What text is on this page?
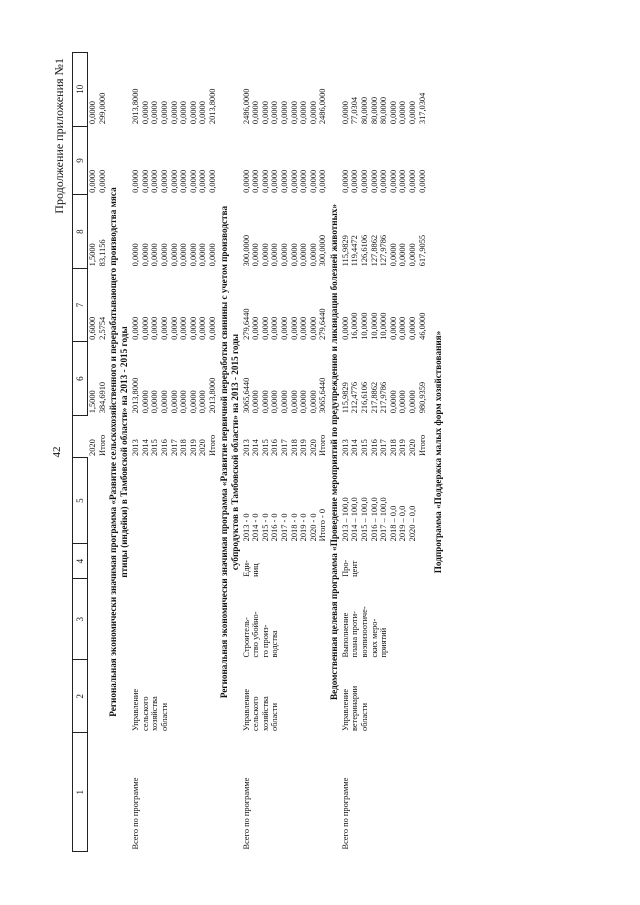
42
Продолжение приложения №1
1	2	3	4	5		6	7	8	9	10
					2020	1,5000	0,6000	1,5000	0,0000	0,0000
					Итого	384,6910	2,5754	83,1156	0,0000	299,0000

Региональная экономически значимая программа «Развитие сельскохозяйственного и перерабатывающего производства мяса птицы (индейки) в Тамбовской области» на 2013 - 2015 годы										

Всего по программе	Управление				2013	2013,8000	0,0000	0,0000	0,0000	2013,8000
	сельского				2014	0,0000	0,0000	0,0000	0,0000	0,0000
	хозяйства				2015	0,0000	0,0000	0,0000	0,0000	0,0000
	области				2016	0,0000	0,0000	0,0000	0,0000	0,0000
					2017	0,0000	0,0000	0,0000	0,0000	0,0000
					2018	0,0000	0,0000	0,0000	0,0000	0,0000
					2019	0,0000	0,0000	0,0000	0,0000	0,0000
					2020	0,0000	0,0000	0,0000	0,0000	0,0000
					Итого	2013,8000	0,0000	0,0000	0,0000	2013,8000

Региональная экономически значимая программа «Развитие первичной переработки свинины с учетом производства субпродуктов в Тамбовской области» на 2013 - 2015 годы										

Всего по программе	Управление	Строитель-	Еди-	2013 - 0	2013	3065,6440	279,6440	300,0000	0,0000	2486,0000
	сельского	ство убойно-	ниц	2014 - 0	2014	0,0000	0,0000	0,0000	0,0000	0,0000
	хозяйства	го произ-		2015 - 0	2015	0,0000	0,0000	0,0000	0,0000	0,0000
	области	водства		2016 - 0	2016	0,0000	0,0000	0,0000	0,0000	0,0000
				2017 - 0	2017	0,0000	0,0000	0,0000	0,0000	0,0000
				2018 - 0	2018	0,0000	0,0000	0,0000	0,0000	0,0000
				2019 - 0	2019	0,0000	0,0000	0,0000	0,0000	0,0000
				2020 - 0	2020	0,0000	0,0000	0,0000	0,0000	0,0000
				Итого - 0	Итого	3065,6440	279,6440	300,0000	0,0000	2486,0000

Ведомственная целевая программа «Проведение мероприятий по предупреждению и ликвидации болезней животных»										

Всего по программе	Управление	Выполнение	Про-	2013 – 100,0	2013	115,9829	0,0000	115,9829	0,0000	0,0000
	ветеринарии	плана проти-	цент	2014 – 100,0	2014	212,4776	16,0000	119,4472	0,0000	77,0304
	области	воэпизоотиче-		2015 – 100,0	2015	216,6106	10,0000	126,6106	0,0000	80,0000
		ских меро-		2016 – 100,0	2016	217,8862	10,0000	127,8862	0,0000	80,0000
		приятий		2017 – 100,0	2017	217,9786	10,0000	127,9786	0,0000	80,0000
				2018 – 0,0	2018	0,0000	0,0000	0,0000	0,0000	0,0000
				2019 – 0,0	2019	0,0000	0,0000	0,0000	0,0000	0,0000
				2020 – 0,0	2020	0,0000	0,0000	0,0000	0,0000	0,0000
					Итого	980,9359	46,0000	617,9055	0,0000	317,0304
Подпрограмма «Поддержка малых форм хозяйствования»										
